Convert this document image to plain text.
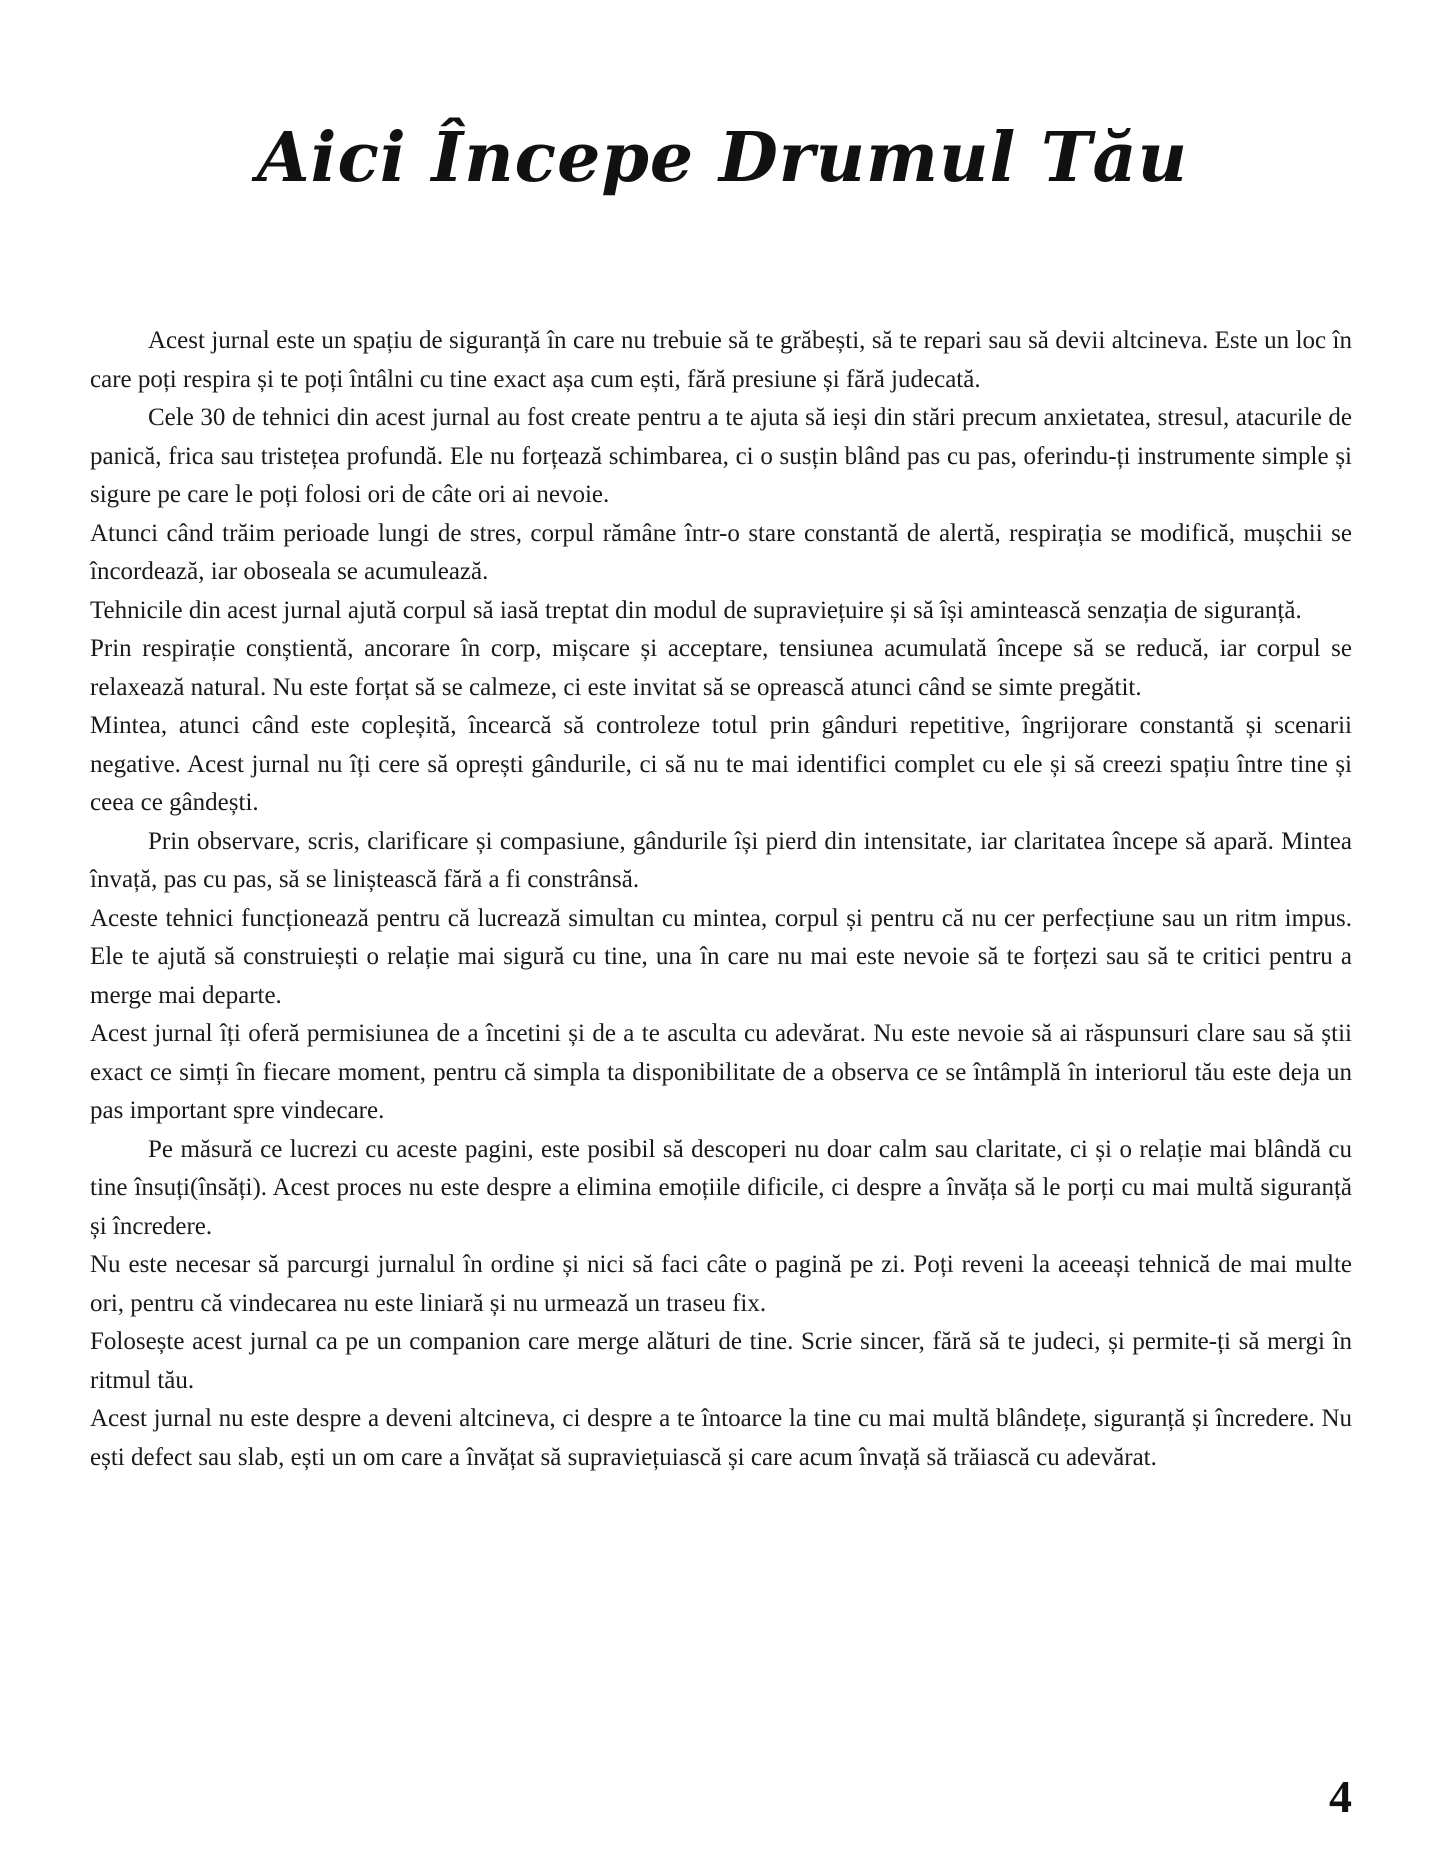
Aici Începe Drumul Tău

Acest jurnal este un spațiu de siguranță în care nu trebuie să te grăbești, să te repari sau să devii altcineva. Este un loc în care poți respira și te poți întâlni cu tine exact așa cum ești, fără presiune și fără judecată.

Cele 30 de tehnici din acest jurnal au fost create pentru a te ajuta să ieși din stări precum anxietatea, stresul, atacurile de panică, frica sau tristețea profundă. Ele nu forțează schimbarea, ci o susțin blând pas cu pas, oferindu-ți instrumente simple și sigure pe care le poți folosi ori de câte ori ai nevoie.

Atunci când trăim perioade lungi de stres, corpul rămâne într-o stare constantă de alertă, respirația se modifică, mușchii se încordează, iar oboseala se acumulează.

Tehnicile din acest jurnal ajută corpul să iasă treptat din modul de supraviețuire și să își amintească senzația de siguranță.

Prin respirație conștientă, ancorare în corp, mișcare și acceptare, tensiunea acumulată începe să se reducă, iar corpul se relaxează natural. Nu este forțat să se calmeze, ci este invitat să se oprească atunci când se simte pregătit.

Mintea, atunci când este copleșită, încearcă să controleze totul prin gânduri repetitive, îngrijorare constantă și scenarii negative. Acest jurnal nu îți cere să oprești gândurile, ci să nu te mai identifici complet cu ele și să creezi spațiu între tine și ceea ce gândești.

Prin observare, scris, clarificare și compasiune, gândurile își pierd din intensitate, iar claritatea începe să apară. Mintea învață, pas cu pas, să se liniștească fără a fi constrânsă.

Aceste tehnici funcționează pentru că lucrează simultan cu mintea, corpul și pentru că nu cer perfecțiune sau un ritm impus. Ele te ajută să construiești o relație mai sigură cu tine, una în care nu mai este nevoie să te forțezi sau să te critici pentru a merge mai departe.

Acest jurnal îți oferă permisiunea de a încetini și de a te asculta cu adevărat. Nu este nevoie să ai răspunsuri clare sau să știi exact ce simți în fiecare moment, pentru că simpla ta disponibilitate de a observa ce se întâmplă în interiorul tău este deja un pas important spre vindecare.

Pe măsură ce lucrezi cu aceste pagini, este posibil să descoperi nu doar calm sau claritate, ci și o relație mai blândă cu tine însuți(însăți). Acest proces nu este despre a elimina emoțiile dificile, ci despre a învăța să le porți cu mai multă siguranță și încredere.

Nu este necesar să parcurgi jurnalul în ordine și nici să faci câte o pagină pe zi. Poți reveni la aceeași tehnică de mai multe ori, pentru că vindecarea nu este liniară și nu urmează un traseu fix.

Folosește acest jurnal ca pe un companion care merge alături de tine. Scrie sincer, fără să te judeci, și permite-ți să mergi în ritmul tău.

Acest jurnal nu este despre a deveni altcineva, ci despre a te întoarce la tine cu mai multă blândețe, siguranță și încredere. Nu ești defect sau slab, ești un om care a învățat să supraviețuiască și care acum învață să trăiască cu adevărat.

4
